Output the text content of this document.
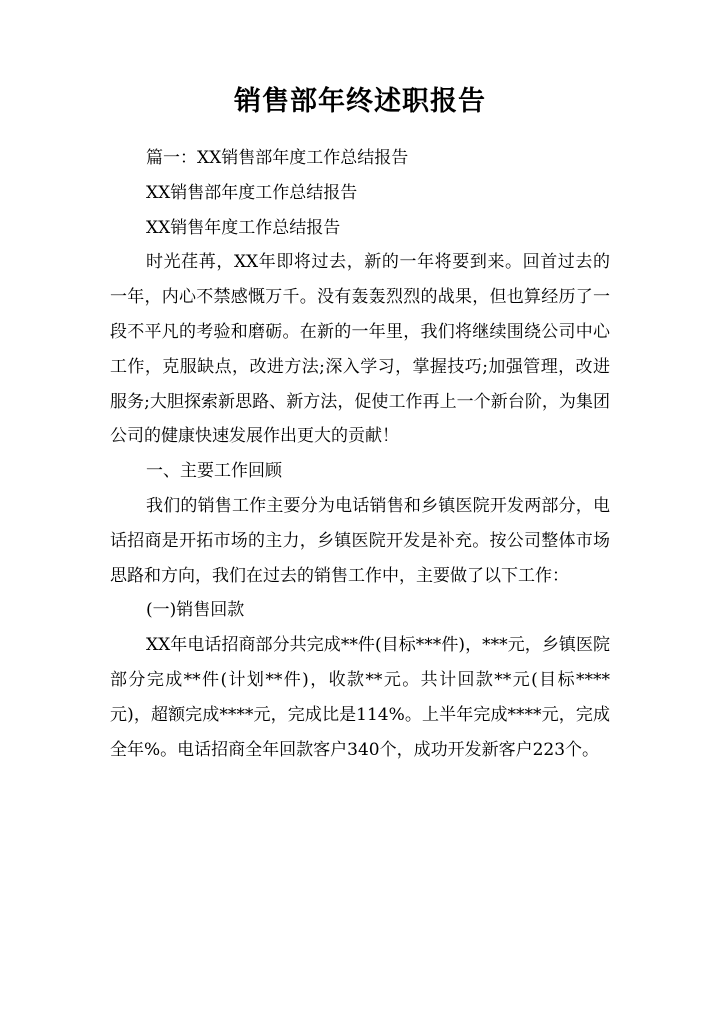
销售部年终述职报告

篇一：XX销售部年度工作总结报告

XX销售部年度工作总结报告

XX销售年度工作总结报告

时光荏苒，XX年即将过去，新的一年将要到来。回首过去的一年，内心不禁感慨万千。没有轰轰烈烈的战果，但也算经历了一段不平凡的考验和磨砺。在新的一年里，我们将继续围绕公司中心工作，克服缺点，改进方法;深入学习，掌握技巧;加强管理，改进服务;大胆探索新思路、新方法，促使工作再上一个新台阶，为集团公司的健康快速发展作出更大的贡献！

一、主要工作回顾

我们的销售工作主要分为电话销售和乡镇医院开发两部分，电话招商是开拓市场的主力，乡镇医院开发是补充。按公司整体市场思路和方向，我们在过去的销售工作中，主要做了以下工作：

(一)销售回款

XX年电话招商部分共完成**件(目标***件)，***元，乡镇医院部分完成**件(计划**件)，收款**元。共计回款**元(目标****元)，超额完成****元，完成比是114%。上半年完成****元，完成全年%。电话招商全年回款客户340个，成功开发新客户223个。
